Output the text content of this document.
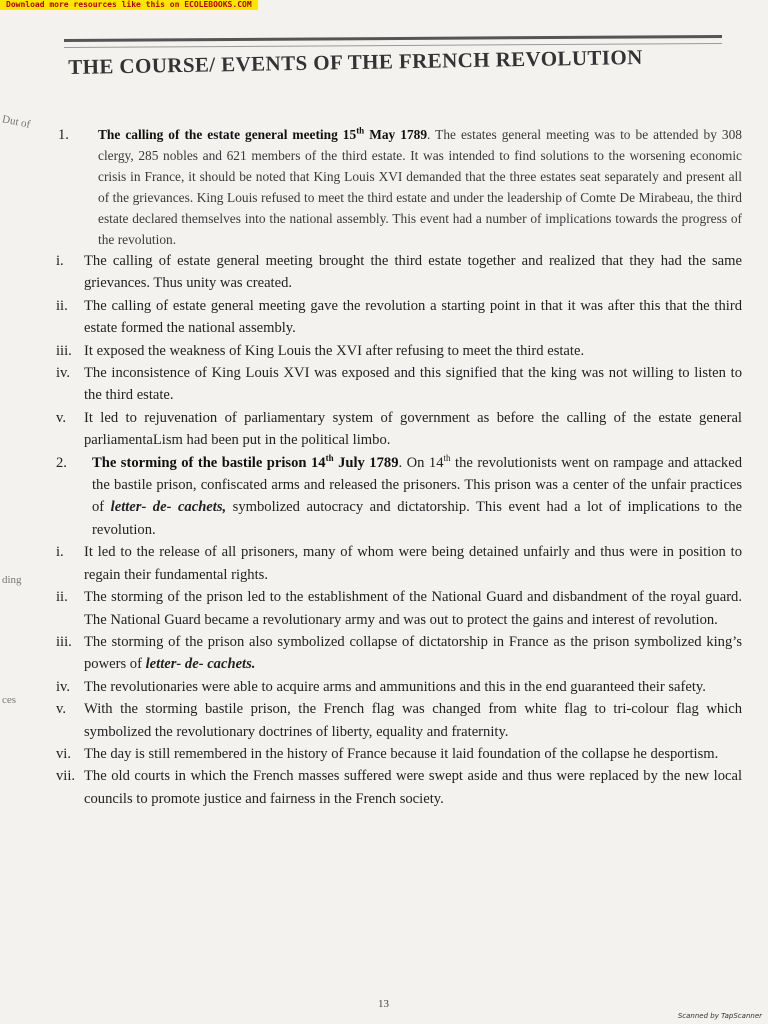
Download more resources like this on ECOLEBOOKS.COM
Dut of
ding
ces
THE COURSE/ EVENTS OF THE FRENCH REVOLUTION
1.	The calling of the estate general meeting 15th May 1789. The estates general meeting was to be attended by 308 clergy, 285 nobles and 621 members of the third estate. It was intended to find solutions to the worsening economic crisis in France, it should be noted that King Louis XVI demanded that the three estates seat separately and present all of the grievances. King Louis refused to meet the third estate and under the leadership of Comte De Mirabeau, the third estate declared themselves into the national assembly. This event had a number of implications towards the progress of the revolution.
i.	The calling of estate general meeting brought the third estate together and realized that they had the same grievances. Thus unity was created.
ii.	The calling of estate general meeting gave the revolution a starting point in that it was after this that the third estate formed the national assembly.
iii. It exposed the weakness of King Louis the XVI after refusing to meet the third estate.
iv. The inconsistence of King Louis XVI was exposed and this signified that the king was not willing to listen to the third estate.
v.	It led to rejuvenation of parliamentary system of government as before the calling of the estate general parliamentaLism had been put in the political limbo.
2.	The storming of the bastile prison 14th July 1789. On 14th the revolutionists went on rampage and attacked the bastile prison, confiscated arms and released the prisoners. This prison was a center of the unfair practices of letter- de- cachets, symbolized autocracy and dictatorship. This event had a lot of implications to the revolution.
i.	It led to the release of all prisoners, many of whom were being detained unfairly and thus were in position to regain their fundamental rights.
ii.	The storming of the prison led to the establishment of the National Guard and disbandment of the royal guard. The National Guard became a revolutionary army and was out to protect the gains and interest of revolution.
iii. The storming of the prison also symbolized collapse of dictatorship in France as the prison symbolized king’s powers of letter- de- cachets.
iv. The revolutionaries were able to acquire arms and ammunitions and this in the end guaranteed their safety.
v.	With the storming bastile prison, the French flag was changed from white flag to tri-colour flag which symbolized the revolutionary doctrines of liberty, equality and fraternity.
vi. The day is still remembered in the history of France because it laid foundation of the collapse he desportism.
vii. The old courts in which the French masses suffered were swept aside and thus were replaced by the new local councils to promote justice and fairness in the French society.
13
Scanned by TapScanner
